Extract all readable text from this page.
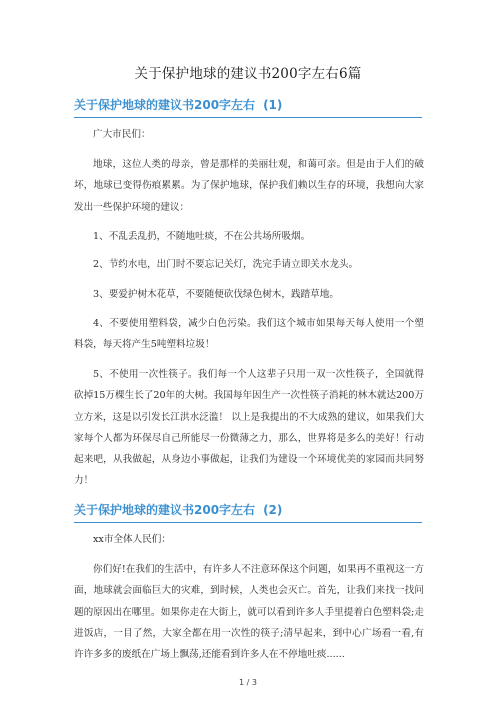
关于保护地球的建议书200字左右6篇
关于保护地球的建议书200字左右 (1)

广大市民们：

地球，这位人类的母亲，曾是那样的美丽壮观，和蔼可亲。但是由于人们的破坏，地球已变得伤痕累累。为了保护地球，保护我们赖以生存的环境，我想向大家发出一些保护环境的建议：

1、不乱丢乱扔，不随地吐痰，不在公共场所吸烟。

2、节约水电，出门时不要忘记关灯，洗完手请立即关水龙头。

3、要爱护树木花草，不要随便砍伐绿色树木，践踏草地。

4、不要使用塑料袋，减少白色污染。我们这个城市如果每天每人使用一个塑料袋，每天将产生5吨塑料垃圾！

5、不使用一次性筷子。我们每一个人这辈子只用一双一次性筷子，全国就得砍掉15万棵生长了20年的大树。我国每年因生产一次性筷子消耗的林木就达200万立方米，这是以引发长江洪水泛滥！ 以上是我提出的不大成熟的建议，如果我们大家每个人都为环保尽自己所能尽一份微薄之力，那么，世界将是多么的美好！行动起来吧，从我做起，从身边小事做起，让我们为建设一个环境优美的家园而共同努力！

关于保护地球的建议书200字左右 (2)

xx市全体人民们：

你们好!在我们的生活中，有许多人不注意环保这个问题，如果再不重视这一方面，地球就会面临巨大的灾难，到时候，人类也会灭亡。首先，让我们来找一找问题的原因出在哪里。如果你走在大街上，就可以看到许多人手里提着白色塑料袋;走进饭店，一目了然，大家全都在用一次性的筷子;清早起来，到中心广场看一看,有许许多多的废纸在广场上飘荡,还能看到许多人在不停地吐痰......

1 / 3
